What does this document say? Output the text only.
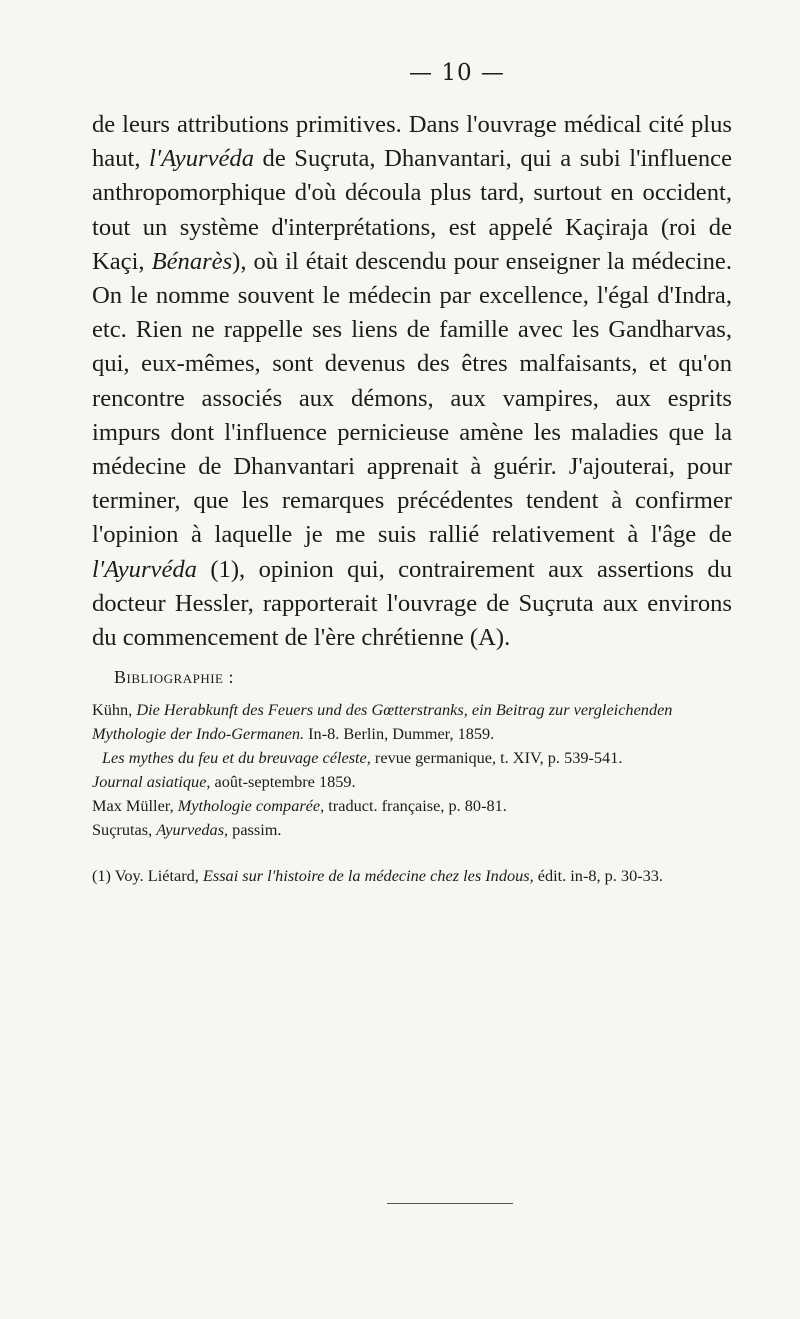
— 10 —

de leurs attributions primitives. Dans l'ouvrage médical cité plus haut, l'Ayurvéda de Suçruta, Dhanvantari, qui a subi l'influence anthropomorphique d'où découla plus tard, surtout en occident, tout un système d'interprétations, est appelé Kaçiraja (roi de Kaçi, Bénarès), où il était descendu pour enseigner la médecine. On le nomme souvent le médecin par excellence, l'égal d'Indra, etc. Rien ne rappelle ses liens de famille avec les Gandharvas, qui, eux-mêmes, sont devenus des êtres malfaisants, et qu'on rencontre associés aux démons, aux vampires, aux esprits impurs dont l'influence pernicieuse amène les maladies que la médecine de Dhanvantari apprenait à guérir. J'ajouterai, pour terminer, que les remarques précédentes tendent à confirmer l'opinion à laquelle je me suis rallié relativement à l'âge de l'Ayurvéda (1), opinion qui, contrairement aux assertions du docteur Hessler, rapporterait l'ouvrage de Suçruta aux environs du commencement de l'ère chrétienne (A).

Bibliographie :

Kühn, Die Herabkunft des Feuers und des Gœtterstranks, ein Beitrag zur vergleichenden Mythologie der Indo-Germanen. In-8. Berlin, Dummer, 1859.

Les mythes du feu et du breuvage céleste, revue germanique, t. XIV, p. 539-541.

Journal asiatique, août-septembre 1859.

Max Müller, Mythologie comparée, traduct. française, p. 80-81.

Suçrutas, Ayurvedas, passim.

(1) Voy. Liétard, Essai sur l'histoire de la médecine chez les Indous, édit. in-8, p. 30-33.
